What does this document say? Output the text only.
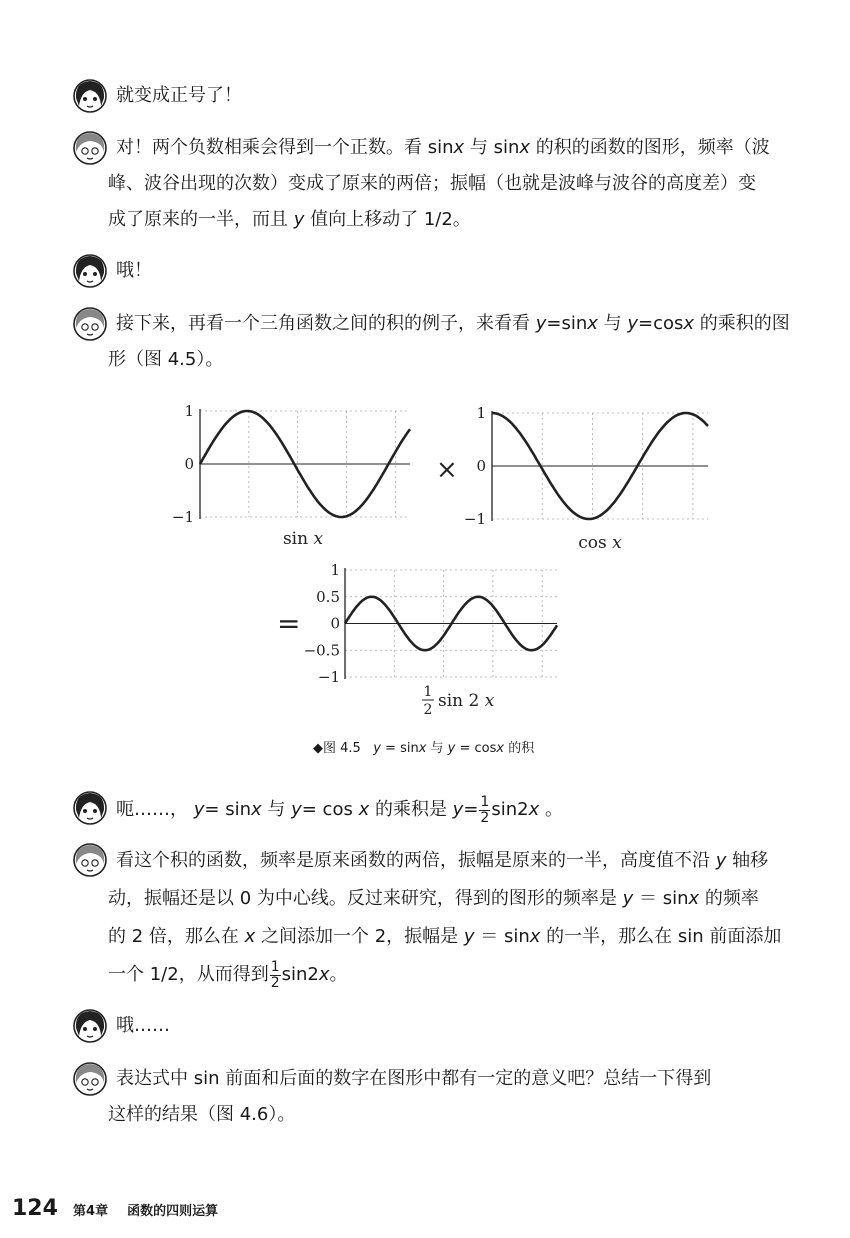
就变成正号了！
对！两个负数相乘会得到一个正数。看 sinx 与 sinx 的积的函数的图形，频率（波
峰、波谷出现的次数）变成了原来的两倍；振幅（也就是波峰与波谷的高度差）变
成了原来的一半，而且 y 值向上移动了 1/2。
哦！
接下来，再看一个三角函数之间的积的例子，来看看 y=sinx 与 y=cosx 的乘积的图
形（图 4.5）。
1
0
−1
sin x
1
0
−1
cos x
1
0.5
0
−0.5
−1
1
2 sin 2 x
×
=
◆图 4.5 y = sinx 与 y = cosx 的积
呃……， y= sinx 与 y= cos x 的乘积是 $y= \frac{1}{2} \sin 2x$ 。
看这个积的函数，频率是原来函数的两倍，振幅是原来的一半，高度值不沿 y 轴移
动，振幅还是以 0 为中心线。反过来研究，得到的图形的频率是 y ＝ sinx 的频率
的 2 倍，那么在 x 之间添加一个 2，振幅是 y ＝ sinx 的一半，那么在 sin 前面添加
一个 1/2，从而得到 $\frac{1}{2} \sin 2x$。
哦……
表达式中 sin 前面和后面的数字在图形中都有一定的意义吧？总结一下得到
这样的结果（图 4.6）。
124 第4章 函数的四则运算
